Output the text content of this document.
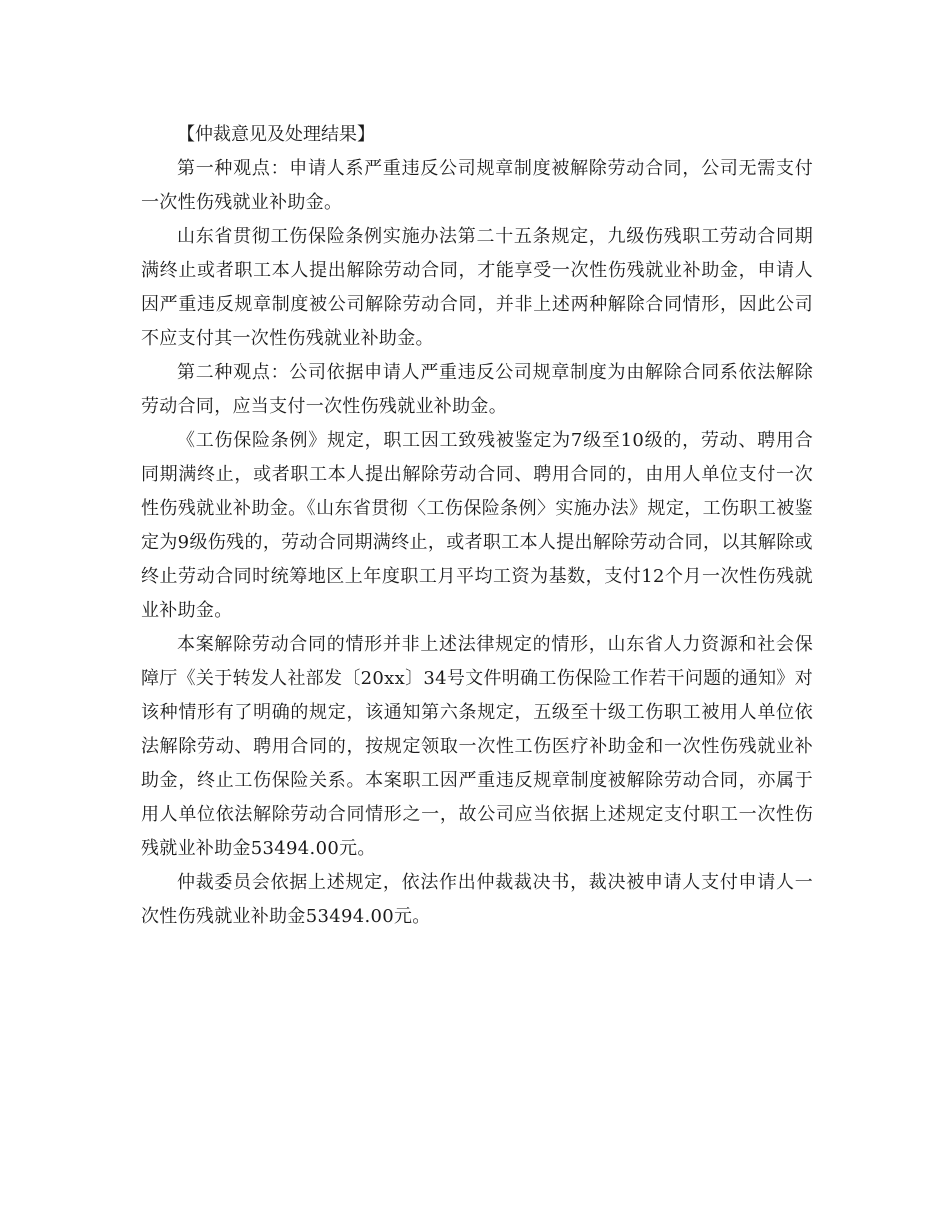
【仲裁意见及处理结果】

第一种观点：申请人系严重违反公司规章制度被解除劳动合同，公司无需支付一次性伤残就业补助金。

山东省贯彻工伤保险条例实施办法第二十五条规定，九级伤残职工劳动合同期满终止或者职工本人提出解除劳动合同，才能享受一次性伤残就业补助金，申请人因严重违反规章制度被公司解除劳动合同，并非上述两种解除合同情形，因此公司不应支付其一次性伤残就业补助金。

第二种观点：公司依据申请人严重违反公司规章制度为由解除合同系依法解除劳动合同，应当支付一次性伤残就业补助金。

《工伤保险条例》规定，职工因工致残被鉴定为7级至10级的，劳动、聘用合同期满终止，或者职工本人提出解除劳动合同、聘用合同的，由用人单位支付一次性伤残就业补助金。《山东省贯彻〈工伤保险条例〉实施办法》规定，工伤职工被鉴定为9级伤残的，劳动合同期满终止，或者职工本人提出解除劳动合同，以其解除或终止劳动合同时统筹地区上年度职工月平均工资为基数，支付12个月一次性伤残就业补助金。

本案解除劳动合同的情形并非上述法律规定的情形，山东省人力资源和社会保障厅《关于转发人社部发〔20xx〕34号文件明确工伤保险工作若干问题的通知》对该种情形有了明确的规定，该通知第六条规定，五级至十级工伤职工被用人单位依法解除劳动、聘用合同的，按规定领取一次性工伤医疗补助金和一次性伤残就业补助金，终止工伤保险关系。本案职工因严重违反规章制度被解除劳动合同，亦属于用人单位依法解除劳动合同情形之一，故公司应当依据上述规定支付职工一次性伤残就业补助金53494.00元。

仲裁委员会依据上述规定，依法作出仲裁裁决书，裁决被申请人支付申请人一次性伤残就业补助金53494.00元。
